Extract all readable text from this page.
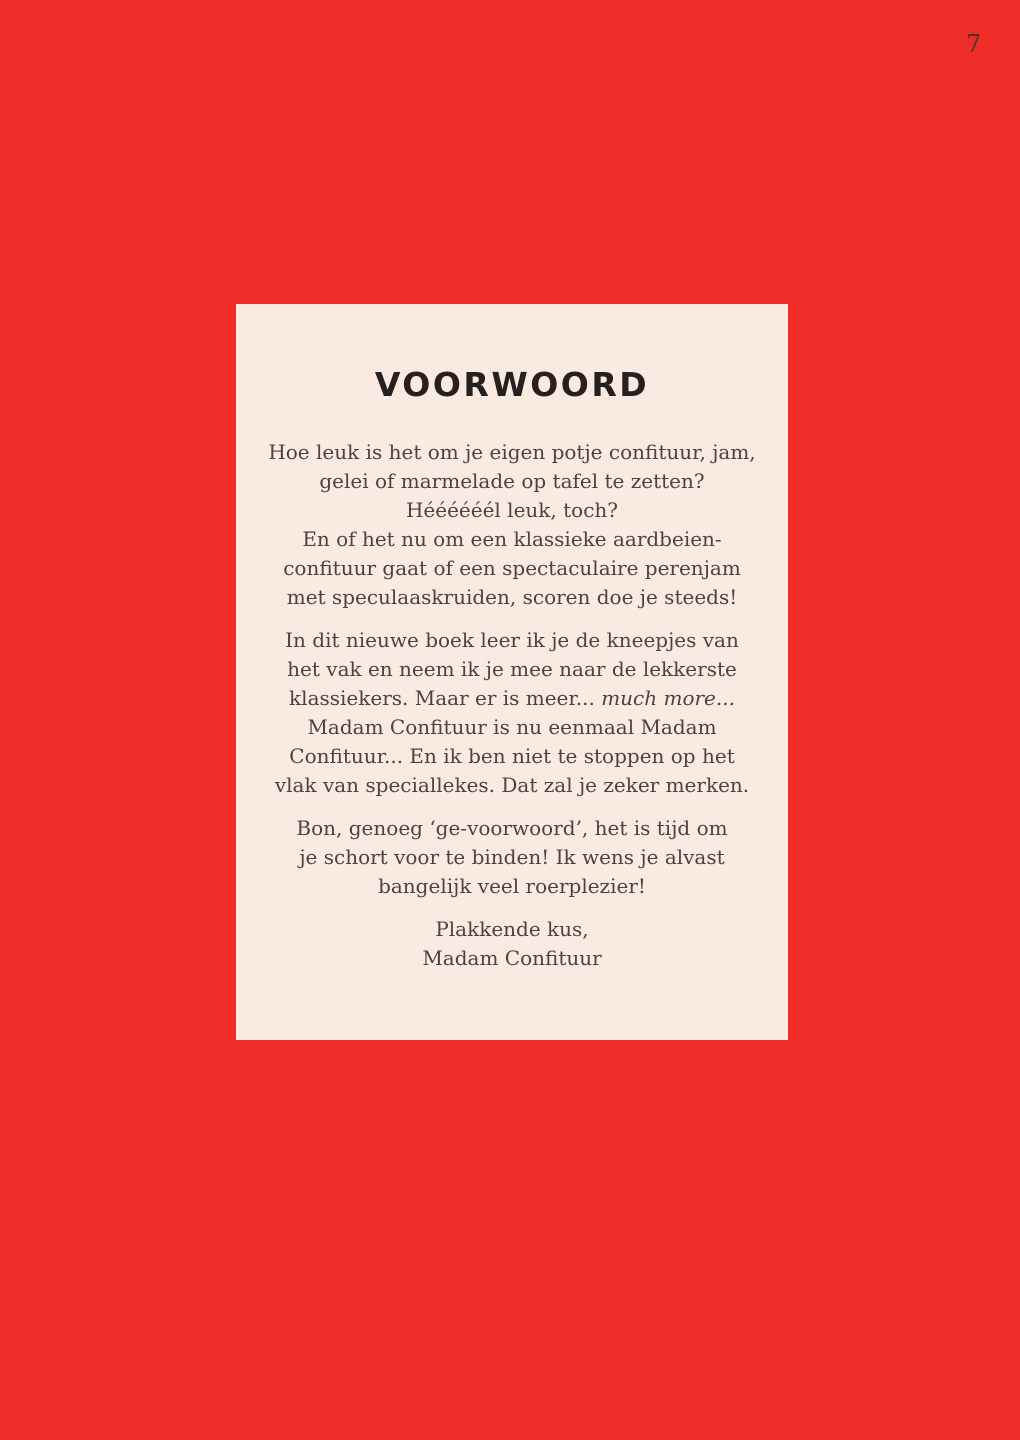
7
VOORWOORD
Hoe leuk is het om je eigen potje confituur, jam,
gelei of marmelade op tafel te zetten?
Héééééél leuk, toch?
En of het nu om een klassieke aardbeien-
confituur gaat of een spectaculaire perenjam
met speculaaskruiden, scoren doe je steeds!
In dit nieuwe boek leer ik je de kneepjes van
het vak en neem ik je mee naar de lekkerste
klassiekers. Maar er is meer... much more...
Madam Confituur is nu eenmaal Madam
Confituur... En ik ben niet te stoppen op het
vlak van speciallekes. Dat zal je zeker merken.
Bon, genoeg ‘ge-voorwoord’, het is tijd om
je schort voor te binden! Ik wens je alvast
bangelijk veel roerplezier!
Plakkende kus,
Madam Confituur
